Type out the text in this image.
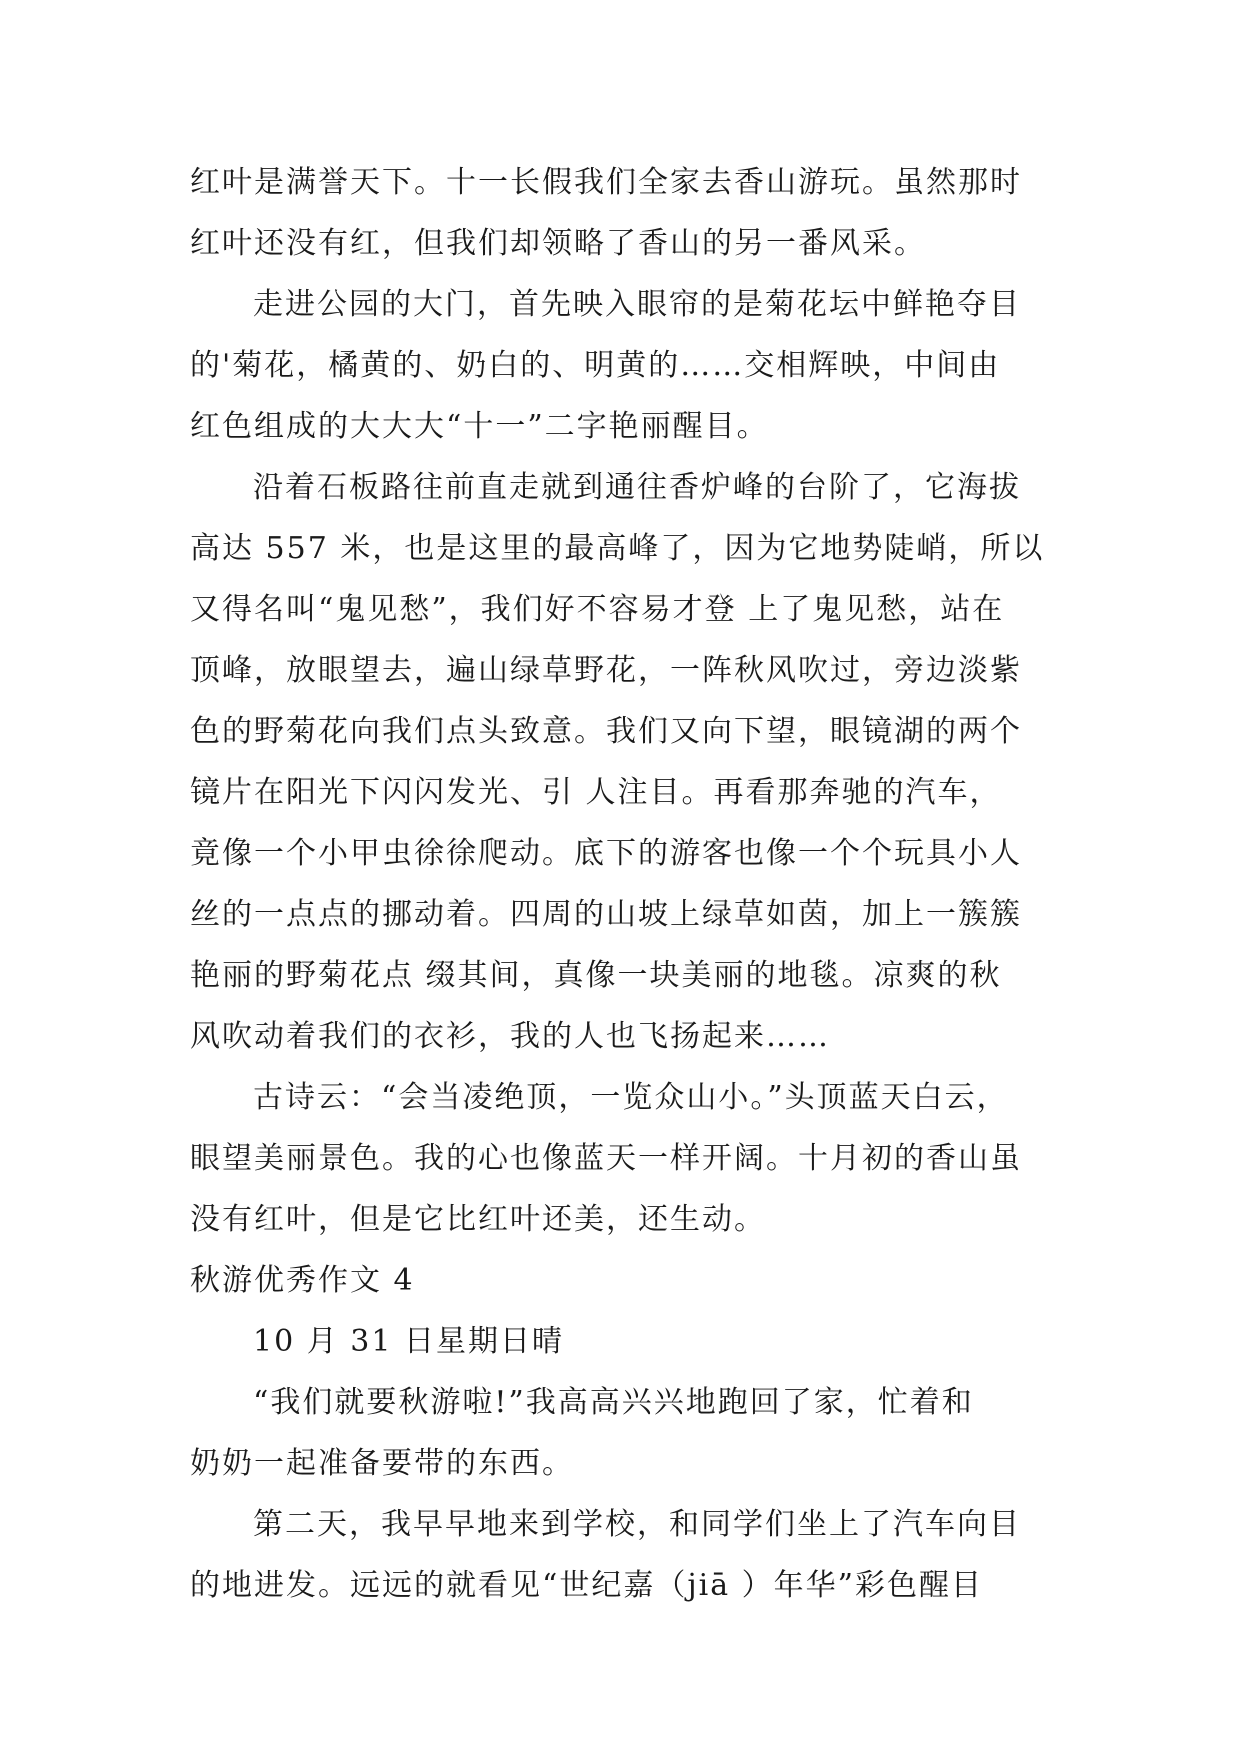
红叶是满誉天下。十一长假我们全家去香山游玩。虽然那时
红叶还没有红，但我们却领略了香山的另一番风采。
走进公园的大门，首先映入眼帘的是菊花坛中鲜艳夺目
的'菊花，橘黄的、奶白的、明黄的……交相辉映，中间由
红色组成的大大大“十一”二字艳丽醒目。
沿着石板路往前直走就到通往香炉峰的台阶了，它海拔
高达 557 米，也是这里的最高峰了，因为它地势陡峭，所以
又得名叫“鬼见愁”，我们好不容易才登 上了鬼见愁，站在
顶峰，放眼望去，遍山绿草野花，一阵秋风吹过，旁边淡紫
色的野菊花向我们点头致意。我们又向下望，眼镜湖的两个
镜片在阳光下闪闪发光、引 人注目。再看那奔驰的汽车，
竟像一个小甲虫徐徐爬动。底下的游客也像一个个玩具小人
丝的一点点的挪动着。四周的山坡上绿草如茵，加上一簇簇
艳丽的野菊花点 缀其间，真像一块美丽的地毯。凉爽的秋
风吹动着我们的衣衫，我的人也飞扬起来……
古诗云：“会当凌绝顶，一览众山小。”头顶蓝天白云，
眼望美丽景色。我的心也像蓝天一样开阔。十月初的香山虽
没有红叶，但是它比红叶还美，还生动。
秋游优秀作文 4
10 月 31 日星期日晴
“我们就要秋游啦!”我高高兴兴地跑回了家，忙着和
奶奶一起准备要带的东西。
第二天，我早早地来到学校，和同学们坐上了汽车向目
的地进发。远远的就看见“世纪嘉（jiā ）年华”彩色醒目
